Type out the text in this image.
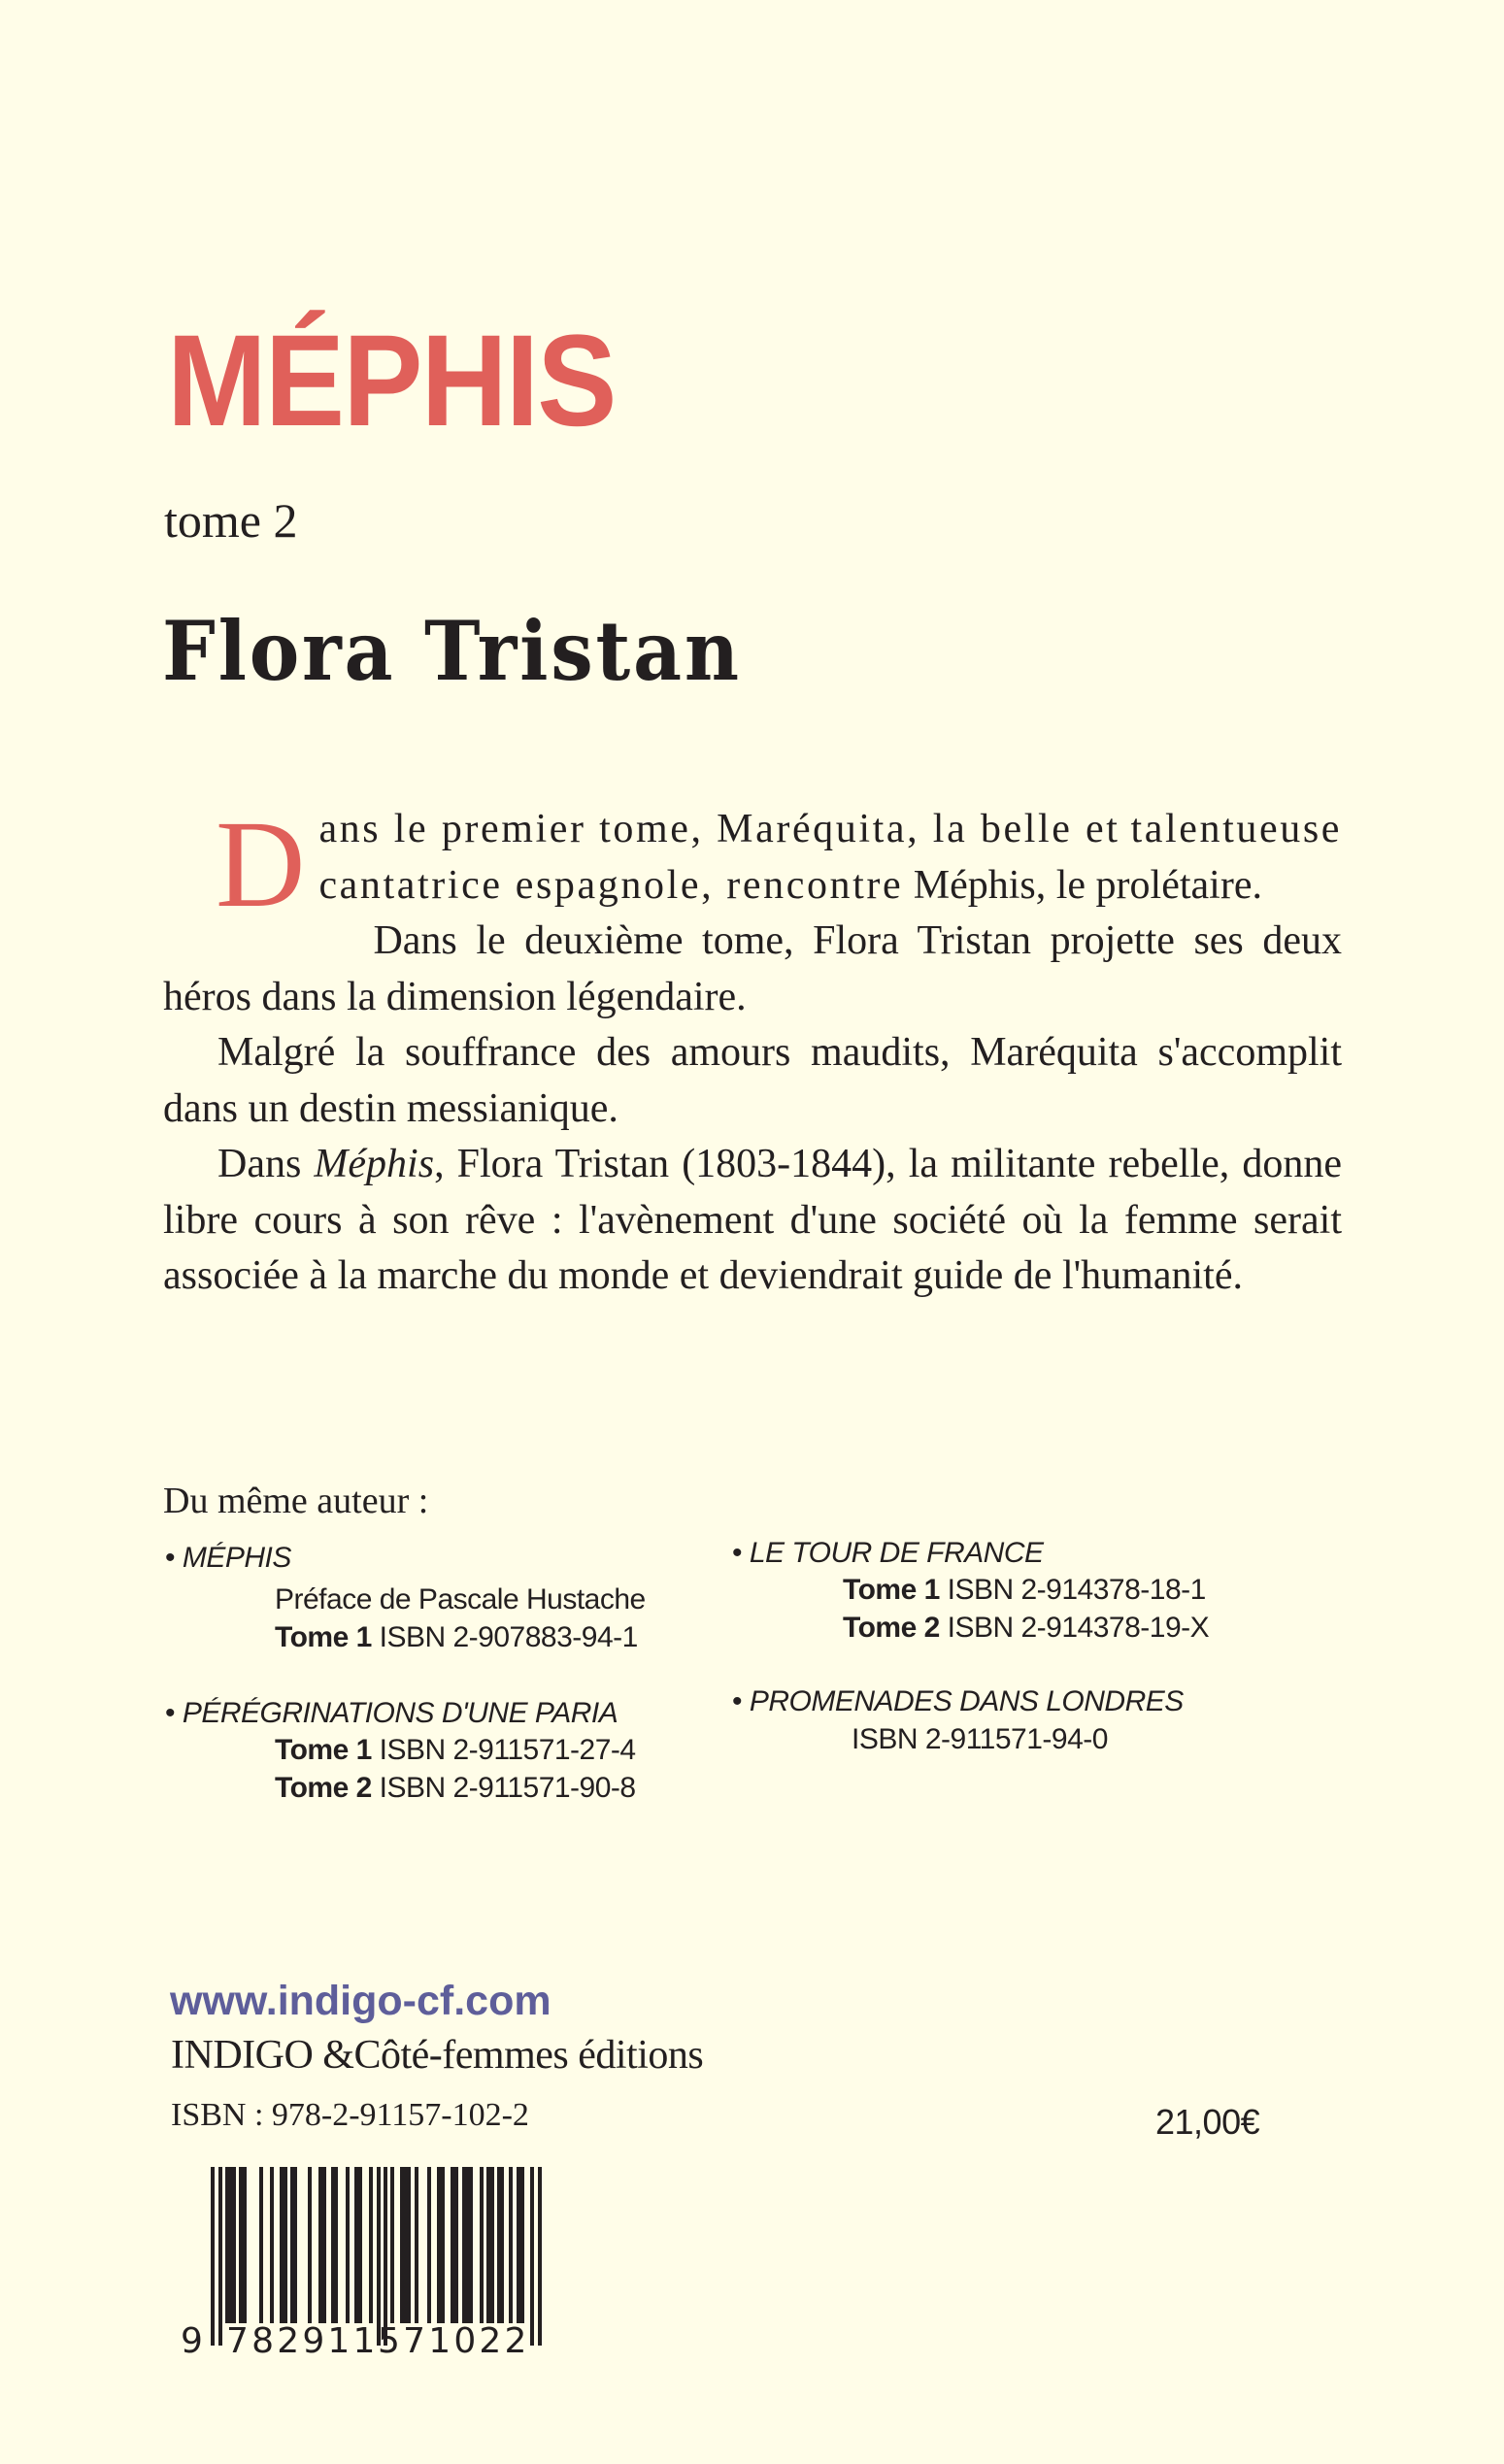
MÉPHIS
tome 2
Flora Tristan

Dans le premier tome, Maréquita, la belle et talentueuse cantatrice espagnole, rencontre Méphis, le prolétaire.

Dans le deuxième tome, Flora Tristan projette ses deux héros dans la dimension légendaire.

Malgré la souffrance des amours maudits, Maréquita s'accomplit dans un destin messianique.

Dans Méphis, Flora Tristan (1803-1844), la militante rebelle, donne libre cours à son rêve : l'avènement d'une société où la femme serait associée à la marche du monde et deviendrait guide de l'humanité.

Du même auteur :
• MÉPHIS
Préface de Pascale Hustache
Tome 1 ISBN 2-907883-94-1
• LE TOUR DE FRANCE
Tome 1 ISBN 2-914378-18-1
Tome 2 ISBN 2-914378-19-X
• PÉRÉGRINATIONS D'UNE PARIA
Tome 1 ISBN 2-911571-27-4
Tome 2 ISBN 2-911571-90-8
• PROMENADES DANS LONDRES
ISBN 2-911571-94-0
www.indigo-cf.com
INDIGO &Côté-femmes éditions
ISBN : 978-2-91157-102-2	21,00€
9 782911 571022
